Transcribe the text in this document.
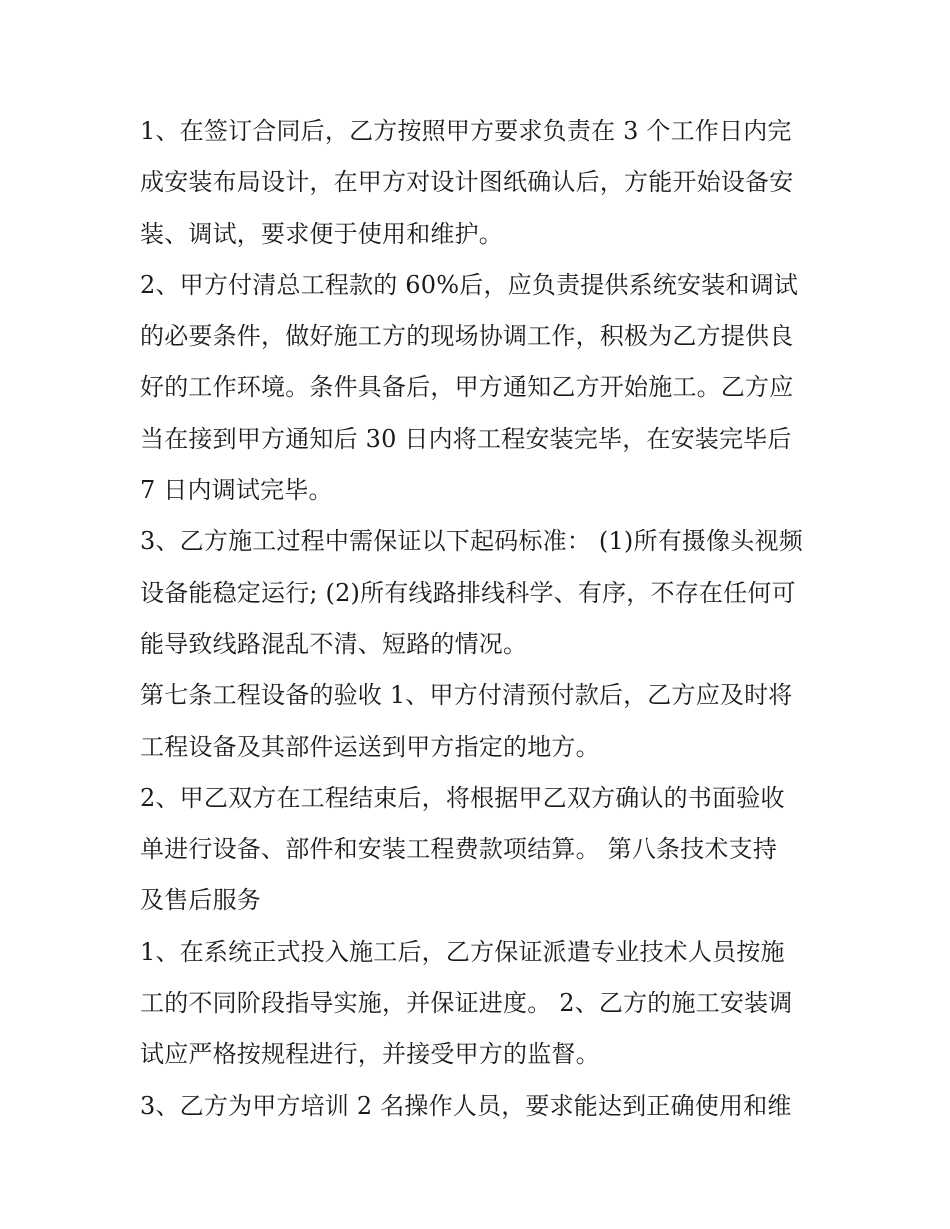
1、在签订合同后，乙方按照甲方要求负责在 3 个工作日内完
成安装布局设计，在甲方对设计图纸确认后，方能开始设备安
装、调试，要求便于使用和维护。
2、甲方付清总工程款的 60%后，应负责提供系统安装和调试
的必要条件，做好施工方的现场协调工作，积极为乙方提供良
好的工作环境。条件具备后，甲方通知乙方开始施工。乙方应
当在接到甲方通知后 30 日内将工程安装完毕，在安装完毕后
7 日内调试完毕。
3、乙方施工过程中需保证以下起码标准： (1)所有摄像头视频
设备能稳定运行; (2)所有线路排线科学、有序，不存在任何可
能导致线路混乱不清、短路的情况。
第七条工程设备的验收 1、甲方付清预付款后，乙方应及时将
工程设备及其部件运送到甲方指定的地方。
2、甲乙双方在工程结束后，将根据甲乙双方确认的书面验收
单进行设备、部件和安装工程费款项结算。 第八条技术支持
及售后服务
1、在系统正式投入施工后，乙方保证派遣专业技术人员按施
工的不同阶段指导实施，并保证进度。 2、乙方的施工安装调
试应严格按规程进行，并接受甲方的监督。
3、乙方为甲方培训 2 名操作人员，要求能达到正确使用和维
